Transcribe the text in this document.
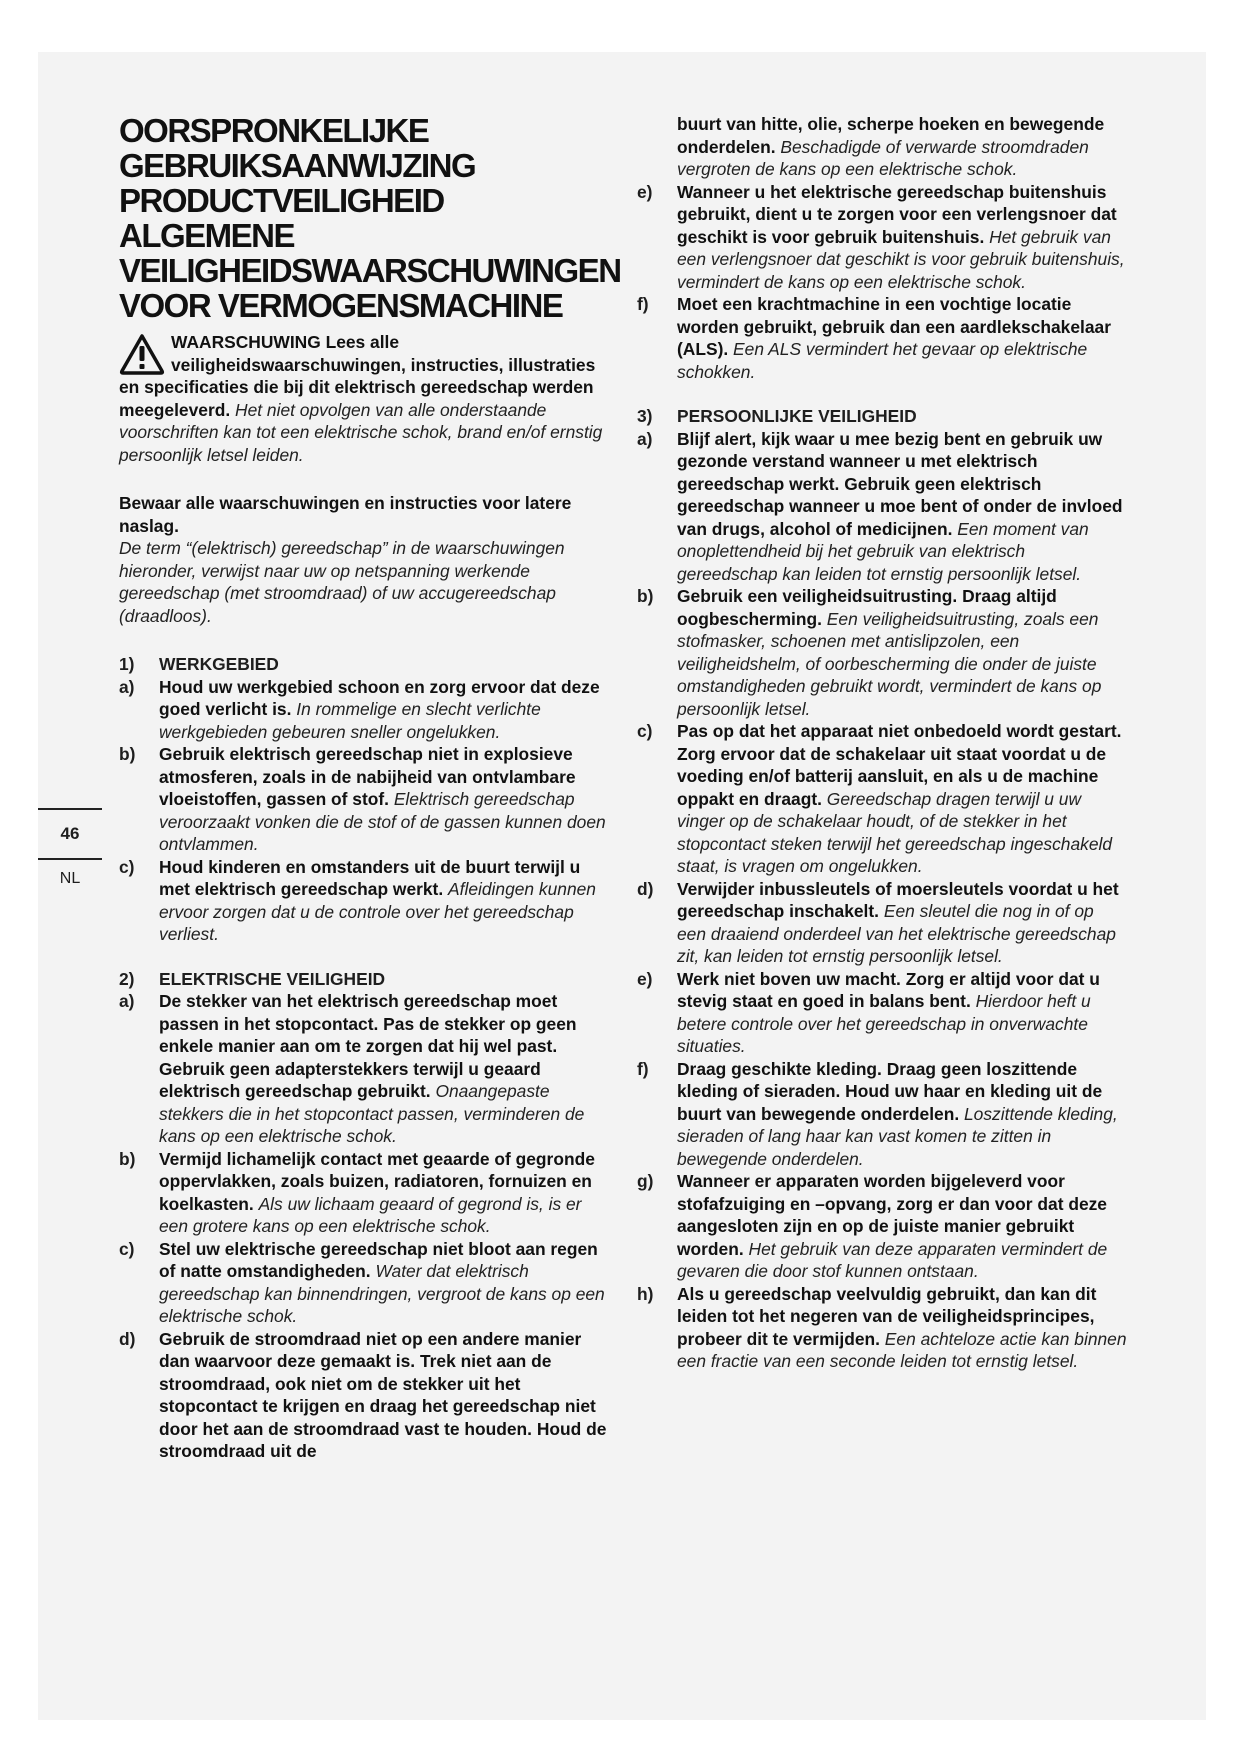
46
NL
OORSPRONKELIJKE
GEBRUIKSAANWIJZING
PRODUCTVEILIGHEID
ALGEMENE
VEILIGHEIDSWAARSCHUWINGEN
VOOR VERMOGENSMACHINE

WAARSCHUWING Lees alle

veiligheidswaarschuwingen, instructies, illustraties en specificaties die bij dit elektrisch gereedschap werden meegeleverd. Het niet opvolgen van alle onderstaande voorschriften kan tot een elektrische schok, brand en/of ernstig persoonlijk letsel leiden.

Bewaar alle waarschuwingen en instructies voor latere naslag.
De term “(elektrisch) gereedschap” in de waarschuwingen hieronder, verwijst naar uw op netspanning werkende gereedschap (met stroomdraad) of uw accugereedschap (draadloos).

1)	WERKGEBIED
a)	Houd uw werkgebied schoon en zorg ervoor dat deze goed verlicht is. In rommelige en slecht verlichte werkgebieden gebeuren sneller ongelukken.
b)	Gebruik elektrisch gereedschap niet in explosieve atmosferen, zoals in de nabijheid van ontvlambare vloeistoffen, gassen of stof. Elektrisch gereedschap veroorzaakt vonken die de stof of de gassen kunnen doen ontvlammen.
c)	Houd kinderen en omstanders uit de buurt terwijl u met elektrisch gereedschap werkt. Afleidingen kunnen ervoor zorgen dat u de controle over het gereedschap verliest.
2)	ELEKTRISCHE VEILIGHEID
a)	De stekker van het elektrisch gereedschap moet passen in het stopcontact. Pas de stekker op geen enkele manier aan om te zorgen dat hij wel past. Gebruik geen adapterstekkers terwijl u geaard elektrisch gereedschap gebruikt. Onaangepaste stekkers die in het stopcontact passen, verminderen de kans op een elektrische schok.
b)	Vermijd lichamelijk contact met geaarde of gegronde oppervlakken, zoals buizen, radiatoren, fornuizen en koelkasten. Als uw lichaam geaard of gegrond is, is er een grotere kans op een elektrische schok.
c)	Stel uw elektrische gereedschap niet bloot aan regen of natte omstandigheden. Water dat elektrisch gereedschap kan binnendringen, vergroot de kans op een elektrische schok.
d)	Gebruik de stroomdraad niet op een andere manier dan waarvoor deze gemaakt is. Trek niet aan de stroomdraad, ook niet om de stekker uit het stopcontact te krijgen en draag het gereedschap niet door het aan de stroomdraad vast te houden. Houd de stroomdraad uit de
buurt van hitte, olie, scherpe hoeken en bewegende onderdelen. Beschadigde of verwarde stroomdraden vergroten de kans op een elektrische schok.
e)	Wanneer u het elektrische gereedschap buitenshuis gebruikt, dient u te zorgen voor een verlengsnoer dat geschikt is voor gebruik buitenshuis. Het gebruik van een verlengsnoer dat geschikt is voor gebruik buitenshuis, vermindert de kans op een elektrische schok.
f)	Moet een krachtmachine in een vochtige locatie worden gebruikt, gebruik dan een aardlekschakelaar (ALS). Een ALS vermindert het gevaar op elektrische schokken.
3)	PERSOONLIJKE VEILIGHEID
a)	Blijf alert, kijk waar u mee bezig bent en gebruik uw gezonde verstand wanneer u met elektrisch gereedschap werkt. Gebruik geen elektrisch gereedschap wanneer u moe bent of onder de invloed van drugs, alcohol of medicijnen. Een moment van onoplettendheid bij het gebruik van elektrisch gereedschap kan leiden tot ernstig persoonlijk letsel.
b)	Gebruik een veiligheidsuitrusting. Draag altijd oogbescherming. Een veiligheidsuitrusting, zoals een stofmasker, schoenen met antislipzolen, een veiligheidshelm, of oorbescherming die onder de juiste omstandigheden gebruikt wordt, vermindert de kans op persoonlijk letsel.
c)	Pas op dat het apparaat niet onbedoeld wordt gestart. Zorg ervoor dat de schakelaar uit staat voordat u de voeding en/of batterij aansluit, en als u de machine oppakt en draagt. Gereedschap dragen terwijl u uw vinger op de schakelaar houdt, of de stekker in het stopcontact steken terwijl het gereedschap ingeschakeld staat, is vragen om ongelukken.
d)	Verwijder inbussleutels of moersleutels voordat u het gereedschap inschakelt. Een sleutel die nog in of op een draaiend onderdeel van het elektrische gereedschap zit, kan leiden tot ernstig persoonlijk letsel.
e)	Werk niet boven uw macht. Zorg er altijd voor dat u stevig staat en goed in balans bent. Hierdoor heft u betere controle over het gereedschap in onverwachte situaties.
f)	Draag geschikte kleding. Draag geen loszittende kleding of sieraden. Houd uw haar en kleding uit de buurt van bewegende onderdelen. Loszittende kleding, sieraden of lang haar kan vast komen te zitten in bewegende onderdelen.
g)	Wanneer er apparaten worden bijgeleverd voor stofafzuiging en –opvang, zorg er dan voor dat deze aangesloten zijn en op de juiste manier gebruikt worden. Het gebruik van deze apparaten vermindert de gevaren die door stof kunnen ontstaan.
h)	Als u gereedschap veelvuldig gebruikt, dan kan dit leiden tot het negeren van de veiligheidsprincipes, probeer dit te vermijden. Een achteloze actie kan binnen een fractie van een seconde leiden tot ernstig letsel.
